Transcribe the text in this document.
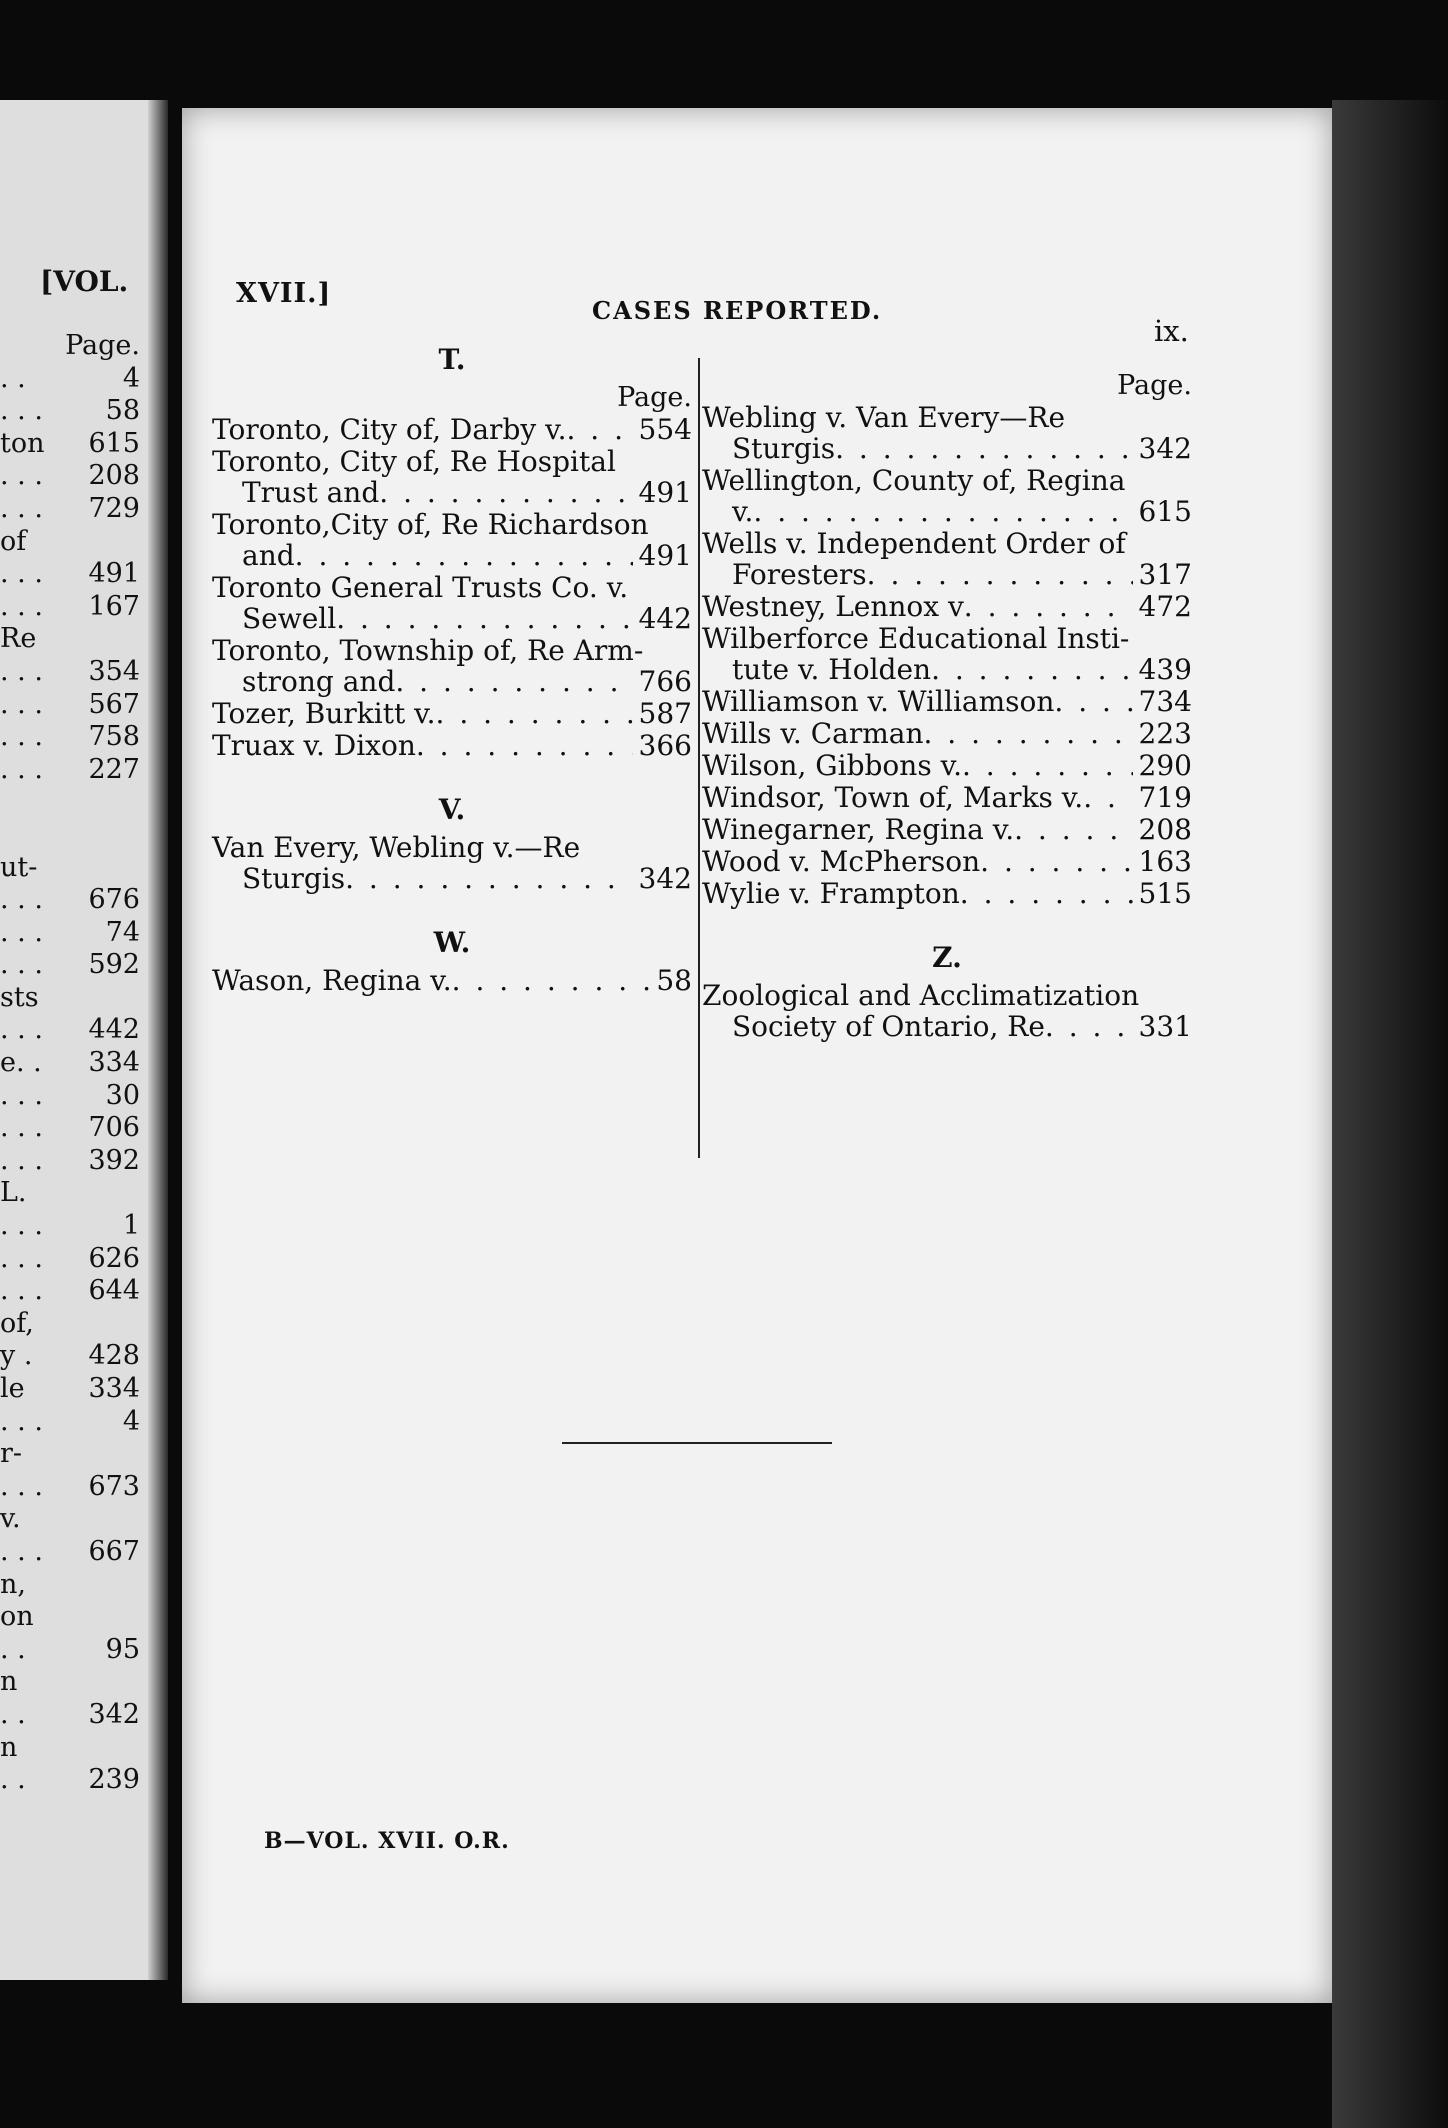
[VOL.
Page.
. .	4
. . . 58
ton 615
. . . 208
. . . 729
of
. . . 491
. . . 167
Re
. . . 354
. . . 567
. . . 758
. . . 227
ut-
. . . 676
. . . 74
. . . 592
sts
. . . 442
e. . 334
. . . 30
. . . 706
. . . 392
L.
. . .	1
. . . 626
. . . 644
of,
y . 428
le 334
. . .	4
r-
. . . 673
v.
. . . 667
n,
on
. .	95
n
. . 342
n
. . 239
XVII.]
CASES REPORTED.
ix.
T.
Page.
Toronto, City of, Darby v. . . .	554
Toronto, City of, Re Hospital
Trust and . . .	491
Toronto,City of, Re Richardson
and . . .	491
Toronto General Trusts Co. v.
Sewell . . .	442
Toronto, Township of, Re Arm-
strong and . . .	766
Tozer, Burkitt v. . . .	587
Truax v. Dixon . . .	366
V.
Van Every, Webling v.—Re
Sturgis . . .	342
W.
Wason, Regina v. . . .	58
Page.
Webling v. Van Every—Re
Sturgis . . .	342
Wellington, County of, Regina
v. . . .	615
Wells v. Independent Order of
Foresters . . .	317
Westney, Lennox v . . .	472
Wilberforce Educational Insti-
tute v. Holden . . .	439
Williamson v. Williamson . . .	734
Wills v. Carman . . .	223
Wilson, Gibbons v. . . .	290
Windsor, Town of, Marks v. . . . 719
Winegarner, Regina v. . . .	208
Wood v. McPherson . . .	163
Wylie v. Frampton . . .	515
Z.
Zoological and Acclimatization
Society of Ontario, Re . . .	331
B—VOL. XVII. O.R.
